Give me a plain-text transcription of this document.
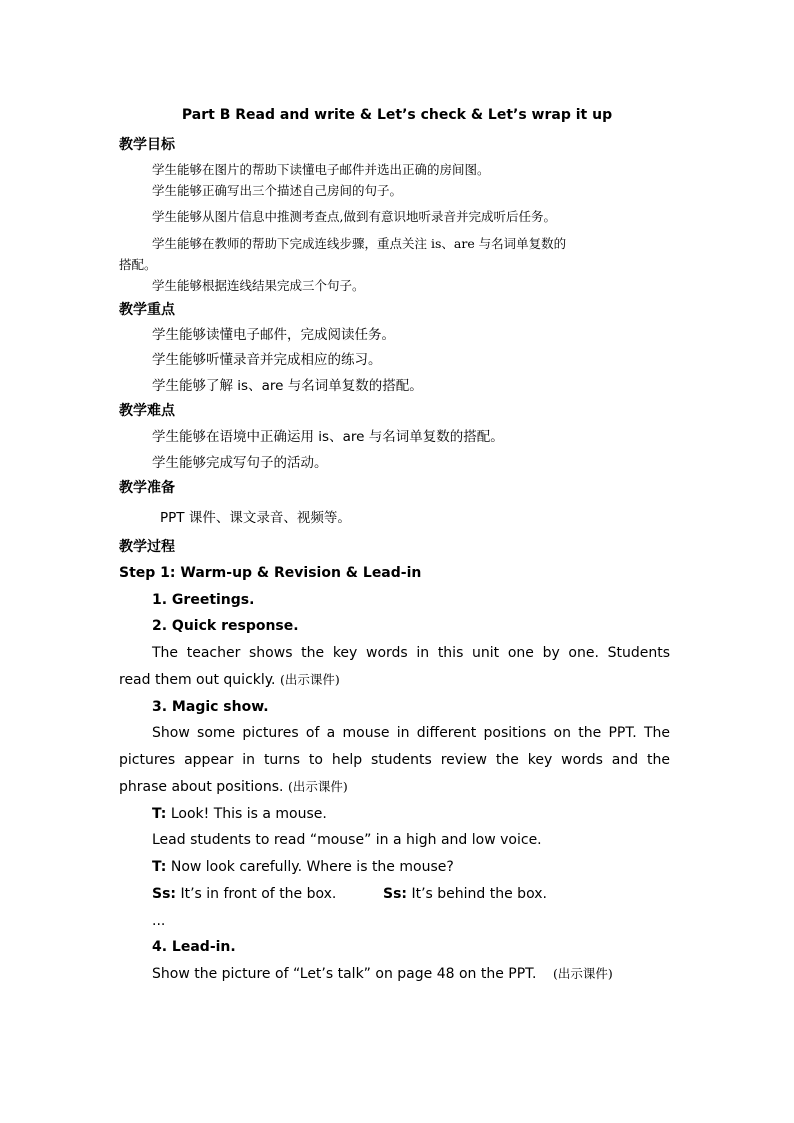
Part B Read and write & Let’s check & Let’s wrap it up
教学目标
学生能够在图片的帮助下读懂电子邮件并选出正确的房间图。
学生能够正确写出三个描述自己房间的句子。
学生能够从图片信息中推测考查点,做到有意识地听录音并完成听后任务。
学生能够在教师的帮助下完成连线步骤，重点关注 is、are 与名词单复数的
搭配。
学生能够根据连线结果完成三个句子。
教学重点
学生能够读懂电子邮件，完成阅读任务。
学生能够听懂录音并完成相应的练习。
学生能够了解 is、are 与名词单复数的搭配。
教学难点
学生能够在语境中正确运用 is、are 与名词单复数的搭配。
学生能够完成写句子的活动。
教学准备
PPT 课件、课文录音、视频等。
教学过程
Step 1: Warm-up & Revision & Lead-in
1. Greetings.
2. Quick response.
The teacher shows the key words in this unit one by one. Students
read them out quickly. (出示课件)
3. Magic show.
Show some pictures of a mouse in different positions on the PPT. The
pictures appear in turns to help students review the key words and the
phrase about positions. (出示课件)
T: Look! This is a mouse.
Lead students to read “mouse” in a high and low voice.
T: Now look carefully. Where is the mouse?
Ss: It’s in front of the box.	Ss: It’s behind the box.
...
4. Lead-in.
Show the picture of “Let’s talk” on page 48 on the PPT. (出示课件)
